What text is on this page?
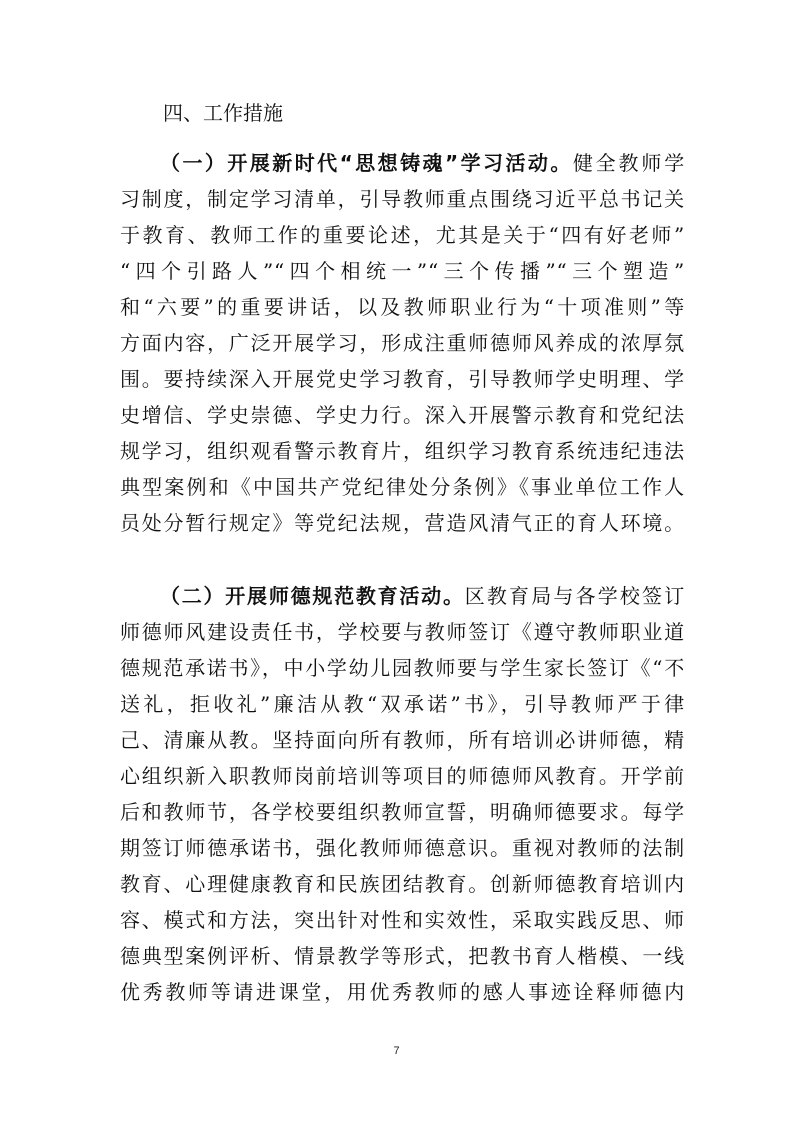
四、工作措施
（一）开展新时代“思想铸魂”学习活动。健全教师学
习制度，制定学习清单，引导教师重点围绕习近平总书记关
于教育、教师工作的重要论述，尤其是关于“四有好老师”
“四个引路人”“四个相统一”“三个传播”“三个塑造”
和“六要”的重要讲话，以及教师职业行为“十项准则”等
方面内容，广泛开展学习，形成注重师德师风养成的浓厚氛
围。要持续深入开展党史学习教育，引导教师学史明理、学
史增信、学史崇德、学史力行。深入开展警示教育和党纪法
规学习，组织观看警示教育片，组织学习教育系统违纪违法
典型案例和《中国共产党纪律处分条例》《事业单位工作人
员处分暂行规定》等党纪法规，营造风清气正的育人环境。
（二）开展师德规范教育活动。区教育局与各学校签订
师德师风建设责任书，学校要与教师签订《遵守教师职业道
德规范承诺书》，中小学幼儿园教师要与学生家长签订《“不
送礼，拒收礼”廉洁从教“双承诺”书》，引导教师严于律
己、清廉从教。坚持面向所有教师，所有培训必讲师德，精
心组织新入职教师岗前培训等项目的师德师风教育。开学前
后和教师节，各学校要组织教师宣誓，明确师德要求。每学
期签订师德承诺书，强化教师师德意识。重视对教师的法制
教育、心理健康教育和民族团结教育。创新师德教育培训内
容、模式和方法，突出针对性和实效性，采取实践反思、师
德典型案例评析、情景教学等形式，把教书育人楷模、一线
优秀教师等请进课堂，用优秀教师的感人事迹诠释师德内
7
